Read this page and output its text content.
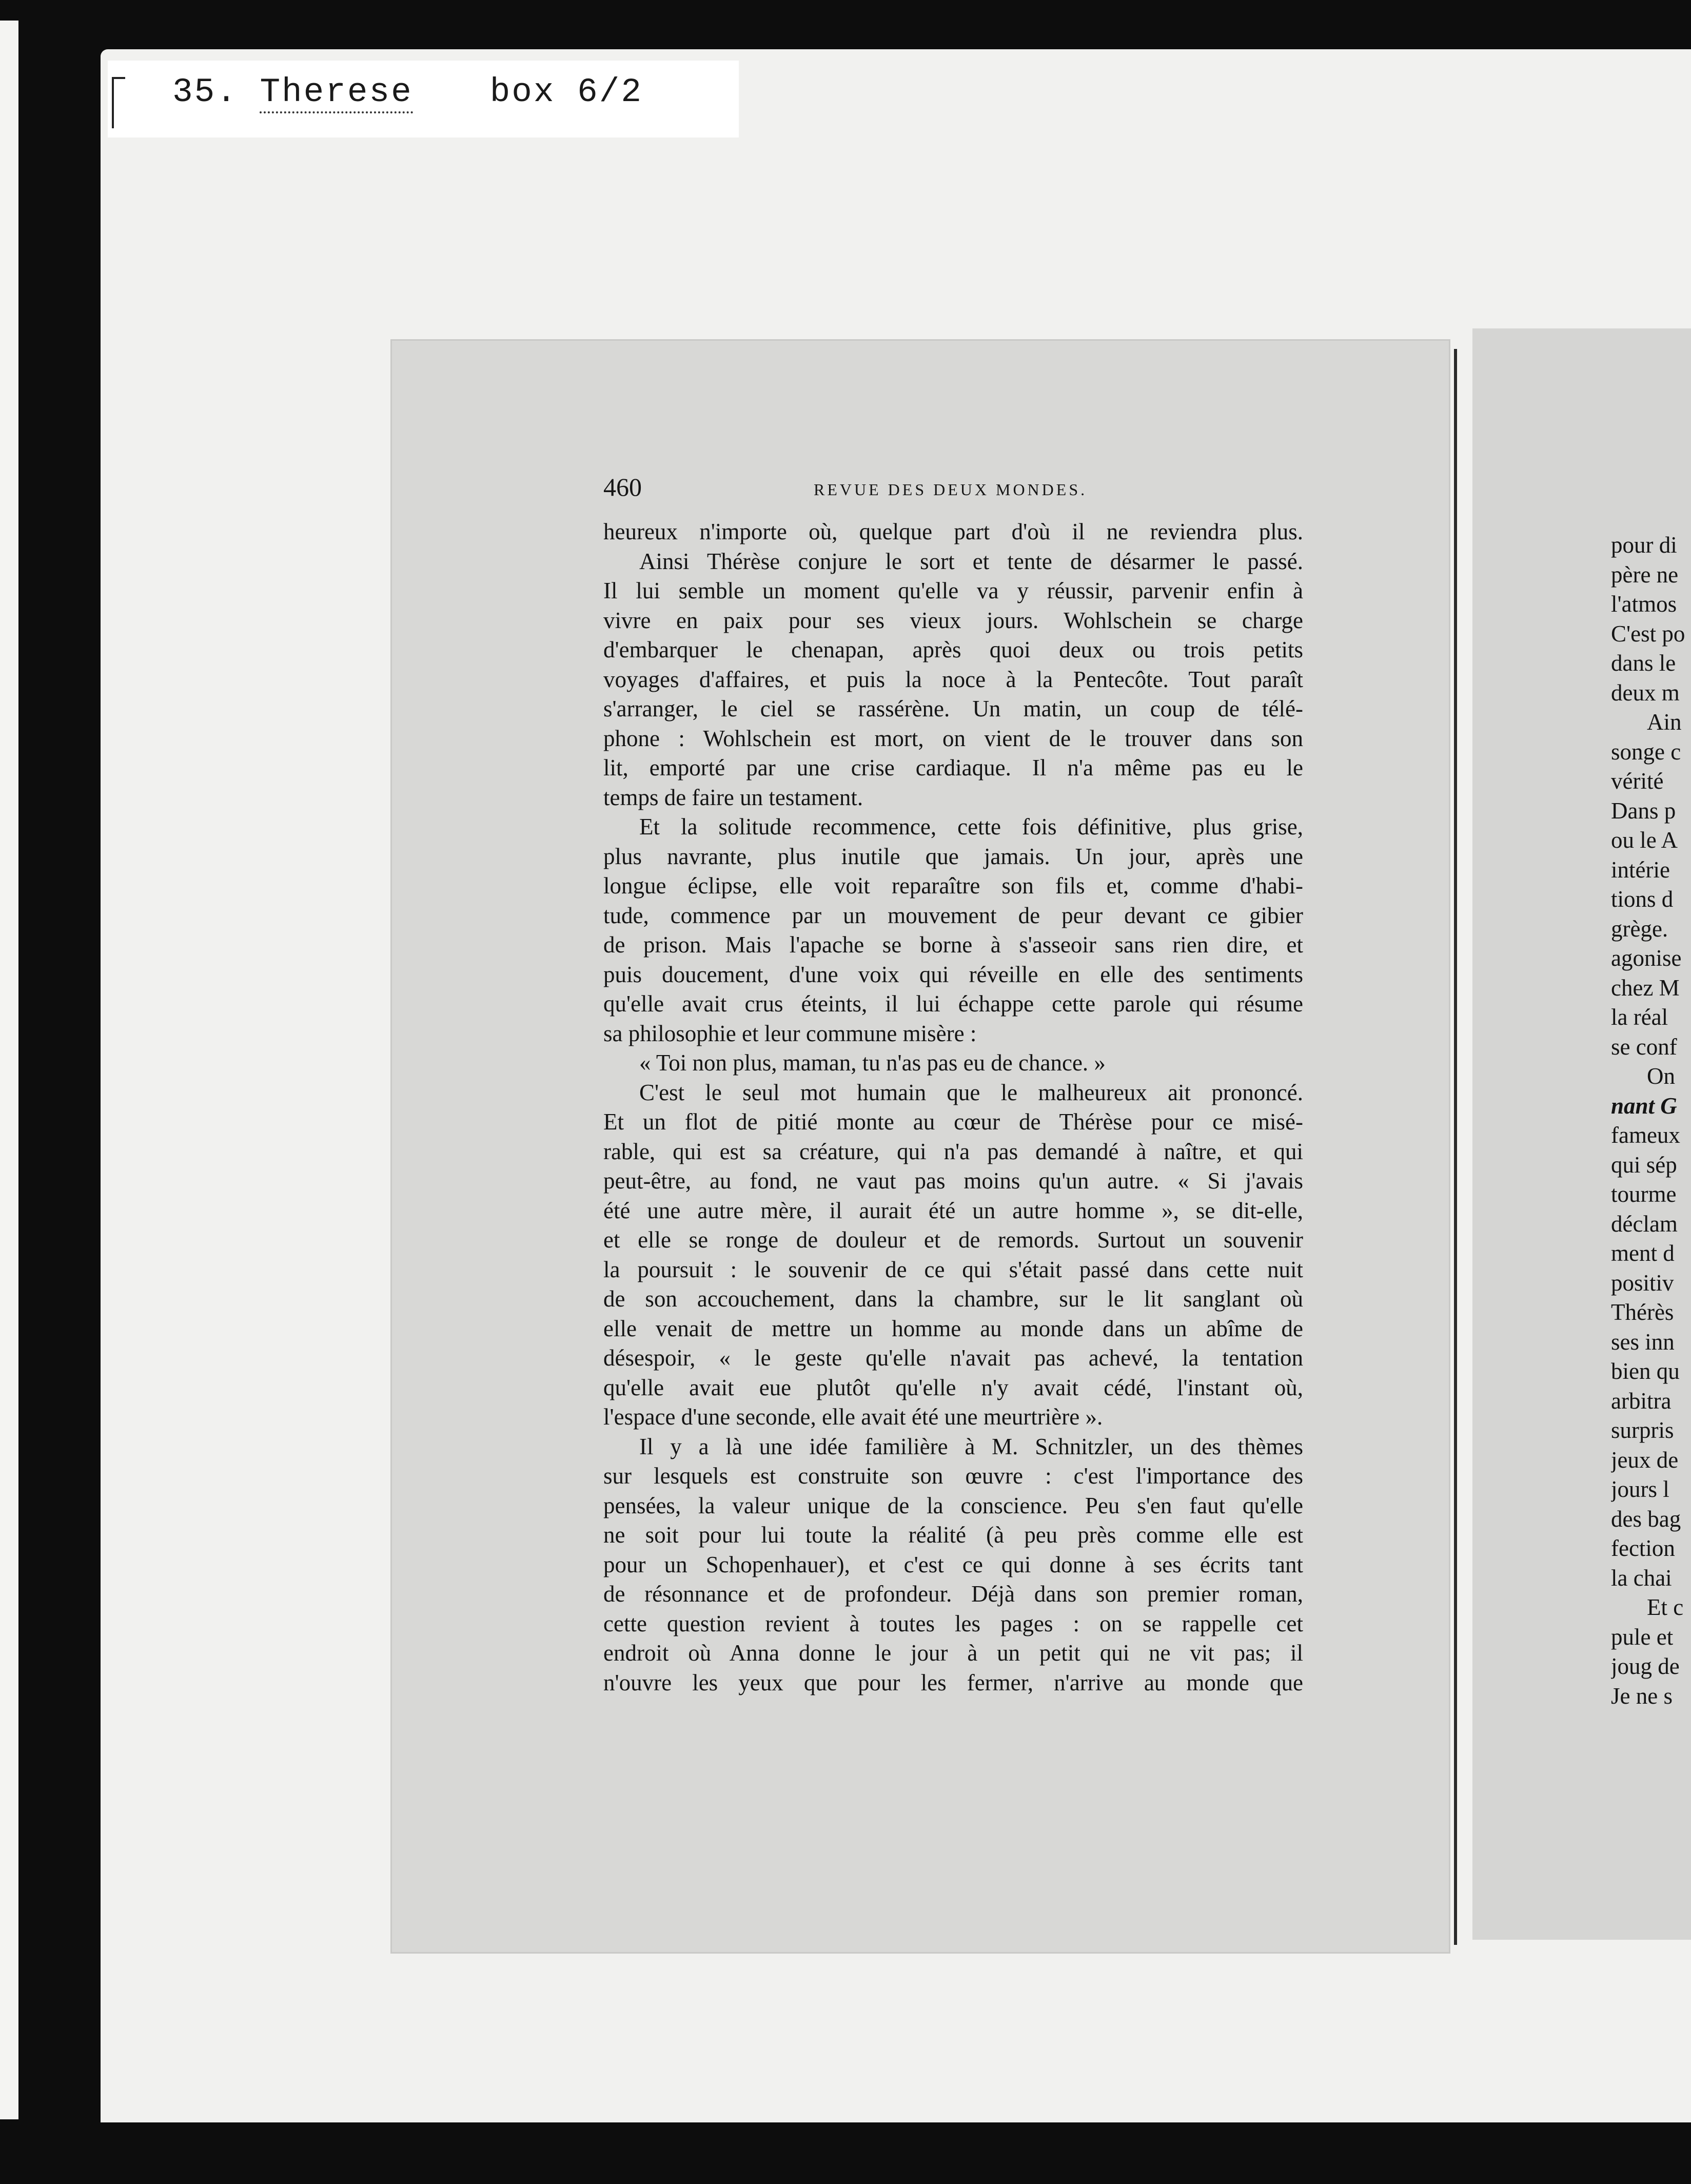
35. Therese box 6/2
460	REVUE DES DEUX MONDES.
heureux n'importe où, quelque part d'où il ne reviendra plus.
Ainsi Thérèse conjure le sort et tente de désarmer le passé.
Il lui semble un moment qu'elle va y réussir, parvenir enfin à
vivre en paix pour ses vieux jours. Wohlschein se charge
d'embarquer le chenapan, après quoi deux ou trois petits
voyages d'affaires, et puis la noce à la Pentecôte. Tout paraît
s'arranger, le ciel se rassérène. Un matin, un coup de télé-
phone : Wohlschein est mort, on vient de le trouver dans son
lit, emporté par une crise cardiaque. Il n'a même pas eu le
temps de faire un testament.
Et la solitude recommence, cette fois définitive, plus grise,
plus navrante, plus inutile que jamais. Un jour, après une
longue éclipse, elle voit reparaître son fils et, comme d'habi-
tude, commence par un mouvement de peur devant ce gibier
de prison. Mais l'apache se borne à s'asseoir sans rien dire, et
puis doucement, d'une voix qui réveille en elle des sentiments
qu'elle avait crus éteints, il lui échappe cette parole qui résume
sa philosophie et leur commune misère :
« Toi non plus, maman, tu n'as pas eu de chance. »
C'est le seul mot humain que le malheureux ait prononcé.
Et un flot de pitié monte au cœur de Thérèse pour ce misé-
rable, qui est sa créature, qui n'a pas demandé à naître, et qui
peut-être, au fond, ne vaut pas moins qu'un autre. « Si j'avais
été une autre mère, il aurait été un autre homme », se dit-elle,
et elle se ronge de douleur et de remords. Surtout un souvenir
la poursuit : le souvenir de ce qui s'était passé dans cette nuit
de son accouchement, dans la chambre, sur le lit sanglant où
elle venait de mettre un homme au monde dans un abîme de
désespoir, « le geste qu'elle n'avait pas achevé, la tentation
qu'elle avait eue plutôt qu'elle n'y avait cédé, l'instant où,
l'espace d'une seconde, elle avait été une meurtrière ».
Il y a là une idée familière à M. Schnitzler, un des thèmes
sur lesquels est construite son œuvre : c'est l'importance des
pensées, la valeur unique de la conscience. Peu s'en faut qu'elle
ne soit pour lui toute la réalité (à peu près comme elle est
pour un Schopenhauer), et c'est ce qui donne à ses écrits tant
de résonnance et de profondeur. Déjà dans son premier roman,
cette question revient à toutes les pages : on se rappelle cet
endroit où Anna donne le jour à un petit qui ne vit pas; il
n'ouvre les yeux que pour les fermer, n'arrive au monde que
pour di
père ne
l'atmos
C'est po
dans le
deux m
Ain
songe c
vérité
Dans p
ou le A
intérie
tions d
grège.
agonise
chez M
la réal
se conf
On
nant G
fameux
qui sép
tourme
déclam
ment d
positiv
Thérès
ses inn
bien qu
arbitra
surpris
jeux de
jours l
des bag
fection
la chai
Et c
pule et
joug de
Je ne s
